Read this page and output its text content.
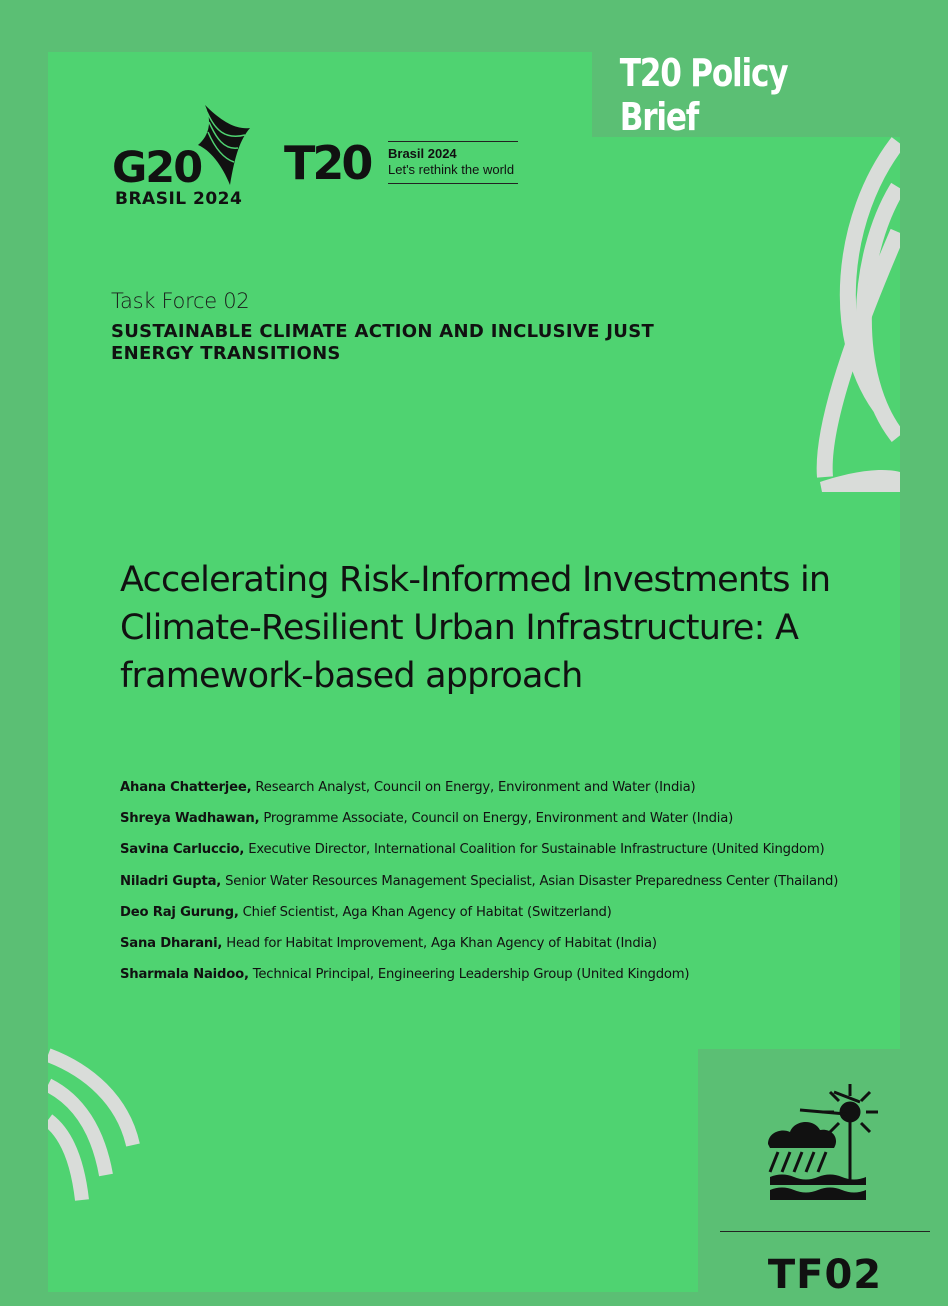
T20 Policy Brief
G20
BRASIL 2024
T20 Brasil 2024
Let's rethink the world
Task Force 02
SUSTAINABLE CLIMATE ACTION AND INCLUSIVE JUST ENERGY TRANSITIONS
Accelerating Risk-Informed Investments in Climate-Resilient Urban Infrastructure: A framework-based approach
Ahana Chatterjee, Research Analyst, Council on Energy, Environment and Water (India)
Shreya Wadhawan, Programme Associate, Council on Energy, Environment and Water (India)
Savina Carluccio, Executive Director, International Coalition for Sustainable Infrastructure (United Kingdom)
Niladri Gupta, Senior Water Resources Management Specialist, Asian Disaster Preparedness Center (Thailand)
Deo Raj Gurung, Chief Scientist, Aga Khan Agency of Habitat (Switzerland)
Sana Dharani, Head for Habitat Improvement, Aga Khan Agency of Habitat (India)
Sharmala Naidoo, Technical Principal, Engineering Leadership Group (United Kingdom)
TF02
